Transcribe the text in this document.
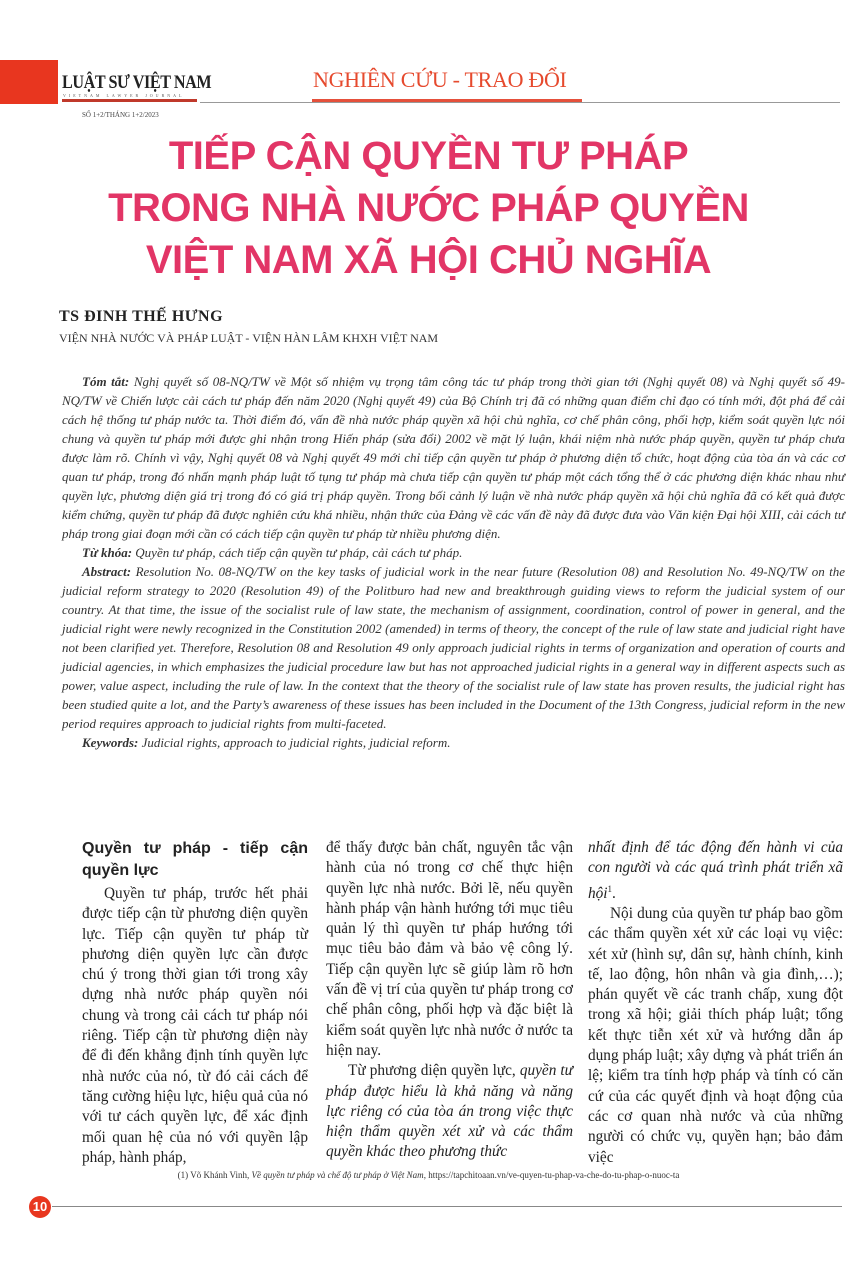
LUẬT SƯ VIỆT NAM
VIETNAM LAWYER JOURNAL
SỐ 1+2/THÁNG 1+2/2023
NGHIÊN CỨU - TRAO ĐỔI
TIẾP CẬN QUYỀN TƯ PHÁP
TRONG NHÀ NƯỚC PHÁP QUYỀN
VIỆT NAM XÃ HỘI CHỦ NGHĨA
TS ĐINH THẾ HƯNG
VIỆN NHÀ NƯỚC VÀ PHÁP LUẬT - VIỆN HÀN LÂM KHXH VIỆT NAM

Tóm tắt: Nghị quyết số 08-NQ/TW về Một số nhiệm vụ trọng tâm công tác tư pháp trong thời gian tới (Nghị quyết 08) và Nghị quyết số 49-NQ/TW về Chiến lược cải cách tư pháp đến năm 2020 (Nghị quyết 49) của Bộ Chính trị đã có những quan điểm chỉ đạo có tính mới, đột phá để cải cách hệ thống tư pháp nước ta. Thời điểm đó, vấn đề nhà nước pháp quyền xã hội chủ nghĩa, cơ chế phân công, phối hợp, kiểm soát quyền lực nói chung và quyền tư pháp mới được ghi nhận trong Hiến pháp (sửa đổi) 2002 về mặt lý luận, khái niệm nhà nước pháp quyền, quyền tư pháp chưa được làm rõ. Chính vì vậy, Nghị quyết 08 và Nghị quyết 49 mới chỉ tiếp cận quyền tư pháp ở phương diện tổ chức, hoạt động của tòa án và các cơ quan tư pháp, trong đó nhấn mạnh pháp luật tố tụng tư pháp mà chưa tiếp cận quyền tư pháp một cách tổng thể ở các phương diện khác nhau như quyền lực, phương diện giá trị trong đó có giá trị pháp quyền. Trong bối cảnh lý luận về nhà nước pháp quyền xã hội chủ nghĩa đã có kết quả được kiểm chứng, quyền tư pháp đã được nghiên cứu khá nhiều, nhận thức của Đảng về các vấn đề này đã được đưa vào Văn kiện Đại hội XIII, cải cách tư pháp trong giai đoạn mới cần có cách tiếp cận quyền tư pháp từ nhiều phương diện.

Từ khóa: Quyền tư pháp, cách tiếp cận quyền tư pháp, cải cách tư pháp.

Abstract: Resolution No. 08-NQ/TW on the key tasks of judicial work in the near future (Resolution 08) and Resolution No. 49-NQ/TW on the judicial reform strategy to 2020 (Resolution 49) of the Politburo had new and breakthrough guiding views to reform the judicial system of our country. At that time, the issue of the socialist rule of law state, the mechanism of assignment, coordination, control of power in general, and the judicial right were newly recognized in the Constitution 2002 (amended) in terms of theory, the concept of the rule of law state and judicial right have not been clarified yet. Therefore, Resolution 08 and Resolution 49 only approach judicial rights in terms of organization and operation of courts and judicial agencies, in which emphasizes the judicial procedure law but has not approached judicial rights in a general way in different aspects such as power, value aspect, including the rule of law. In the context that the theory of the socialist rule of law state has proven results, the judicial right has been studied quite a lot, and the Party’s awareness of these issues has been included in the Document of the 13th Congress, judicial reform in the new period requires approach to judicial rights from multi-faceted.

Keywords: Judicial rights, approach to judicial rights, judicial reform.

Quyền tư pháp - tiếp cận quyền lực

Quyền tư pháp, trước hết phải được tiếp cận từ phương diện quyền lực. Tiếp cận quyền tư pháp từ phương diện quyền lực cần được chú ý trong thời gian tới trong xây dựng nhà nước pháp quyền nói chung và trong cải cách tư pháp nói riêng. Tiếp cận từ phương diện này để đi đến khẳng định tính quyền lực nhà nước của nó, từ đó cải cách để tăng cường hiệu lực, hiệu quả của nó với tư cách quyền lực, để xác định mối quan hệ của nó với quyền lập pháp, hành pháp,

để thấy được bản chất, nguyên tắc vận hành của nó trong cơ chế thực hiện quyền lực nhà nước. Bởi lẽ, nếu quyền hành pháp vận hành hướng tới mục tiêu quản lý thì quyền tư pháp hướng tới mục tiêu bảo đảm và bảo vệ công lý. Tiếp cận quyền lực sẽ giúp làm rõ hơn vấn đề vị trí của quyền tư pháp trong cơ chế phân công, phối hợp và đặc biệt là kiểm soát quyền lực nhà nước ở nước ta hiện nay.

Từ phương diện quyền lực, quyền tư pháp được hiểu là khả năng và năng lực riêng có của tòa án trong việc thực hiện thẩm quyền xét xử và các thẩm quyền khác theo phương thức

nhất định để tác động đến hành vi của con người và các quá trình phát triển xã hội$^1$.

Nội dung của quyền tư pháp bao gồm các thẩm quyền xét xử các loại vụ việc: xét xử (hình sự, dân sự, hành chính, kinh tế, lao động, hôn nhân và gia đình,…); phán quyết về các tranh chấp, xung đột trong xã hội; giải thích pháp luật; tổng kết thực tiễn xét xử và hướng dẫn áp dụng pháp luật; xây dựng và phát triển án lệ; kiểm tra tính hợp pháp và tính có căn cứ của các quyết định và hoạt động của các cơ quan nhà nước và của những người có chức vụ, quyền hạn; bảo đảm việc

(1) Võ Khánh Vinh, Về quyền tư pháp và chế độ tư pháp ở Việt Nam, https://tapchitoaan.vn/ve-quyen-tu-phap-va-che-do-tu-phap-o-nuoc-ta
10
